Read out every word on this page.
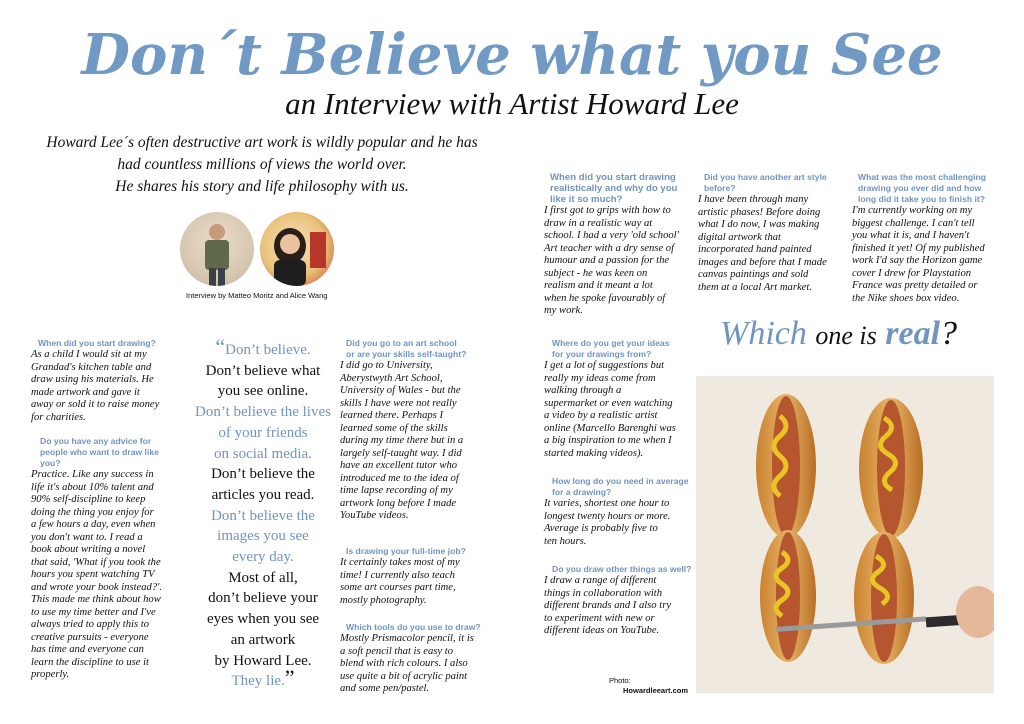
Don´t Believe what you See
an Interview with Artist Howard Lee
Howard Lee´s often destructive art work is wildly popular and he has
had countless millions of views the world over.
He shares his story and life philosophy with us.
Interview by Matteo Moritz and Alice Wang
When did you start drawing?
As a child I would sit at my
Grandad's kitchen table and
draw using his materials. He
made artwork and gave it
away or sold it to raise money
for charities.
Do you have any advice for
people who want to draw like
you?
Practice. Like any success in
life it's about 10% talent and
90% self-discipline to keep
doing the thing you enjoy for
a few hours a day, even when
you don't want to. I read a
book about writing a novel
that said, 'What if you took the
hours you spent watching TV
and wrote your book instead?'.
This made me think about how
to use my time better and I've
always tried to apply this to
creative pursuits - everyone
has time and everyone can
learn the discipline to use it
properly.
“Don’t believe.
Don’t believe what
you see online.
Don’t believe the lives
of your friends
on social media.
Don’t believe the
articles you read.
Don’t believe the
images you see
every day.
Most of all,
don’t believe your
eyes when you see
an artwork
by Howard Lee.
They lie.”
Did you go to an art school
or are your skills self-taught?
I did go to University,
Aberystwyth Art School,
University of Wales - but the
skills I have were not really
learned there. Perhaps I
learned some of the skills
during my time there but in a
largely self-taught way. I did
have an excellent tutor who
introduced me to the idea of
time lapse recording of my
artwork long before I made
YouTube videos.
Is drawing your full-time job?
It certainly takes most of my
time! I currently also teach
some art courses part time,
mostly photography.
Which tools do you use to draw?
Mostly Prismacolor pencil, it is
a soft pencil that is easy to
blend with rich colours. I also
use quite a bit of acrylic paint
and some pen/pastel.
When did you start drawing
realistically and why do you
like it so much?
I first got to grips with how to
draw in a realistic way at
school. I had a very 'old school'
Art teacher with a dry sense of
humour and a passion for the
subject - he was keen on
realism and it meant a lot
when he spoke favourably of
my work.
Did you have another art style
before?
I have been through many
artistic phases! Before doing
what I do now, I was making
digital artwork that
incorporated hand painted
images and before that I made
canvas paintings and sold
them at a local Art market.
What was the most challenging
drawing you ever did and how
long did it take you to finish it?
I'm currently working on my
biggest challenge. I can't tell
you what it is, and I haven't
finished it yet! Of my published
work I'd say the Horizon game
cover I drew for Playstation
France was pretty detailed or
the Nike shoes box video.
Where do you get your ideas
for your drawings from?
I get a lot of suggestions but
really my ideas come from
walking through a
supermarket or even watching
a video by a realistic artist
online (Marcello Barenghi was
a big inspiration to me when I
started making videos).
How long do you need in average
for a drawing?
It varies, shortest one hour to
longest twenty hours or more.
Average is probably five to
ten hours.
Do you draw other things as well?
I draw a range of different
things in collaboration with
different brands and I also try
to experiment with new or
different ideas on YouTube.
Which one is real?
Photo:
Howardleeart.com
